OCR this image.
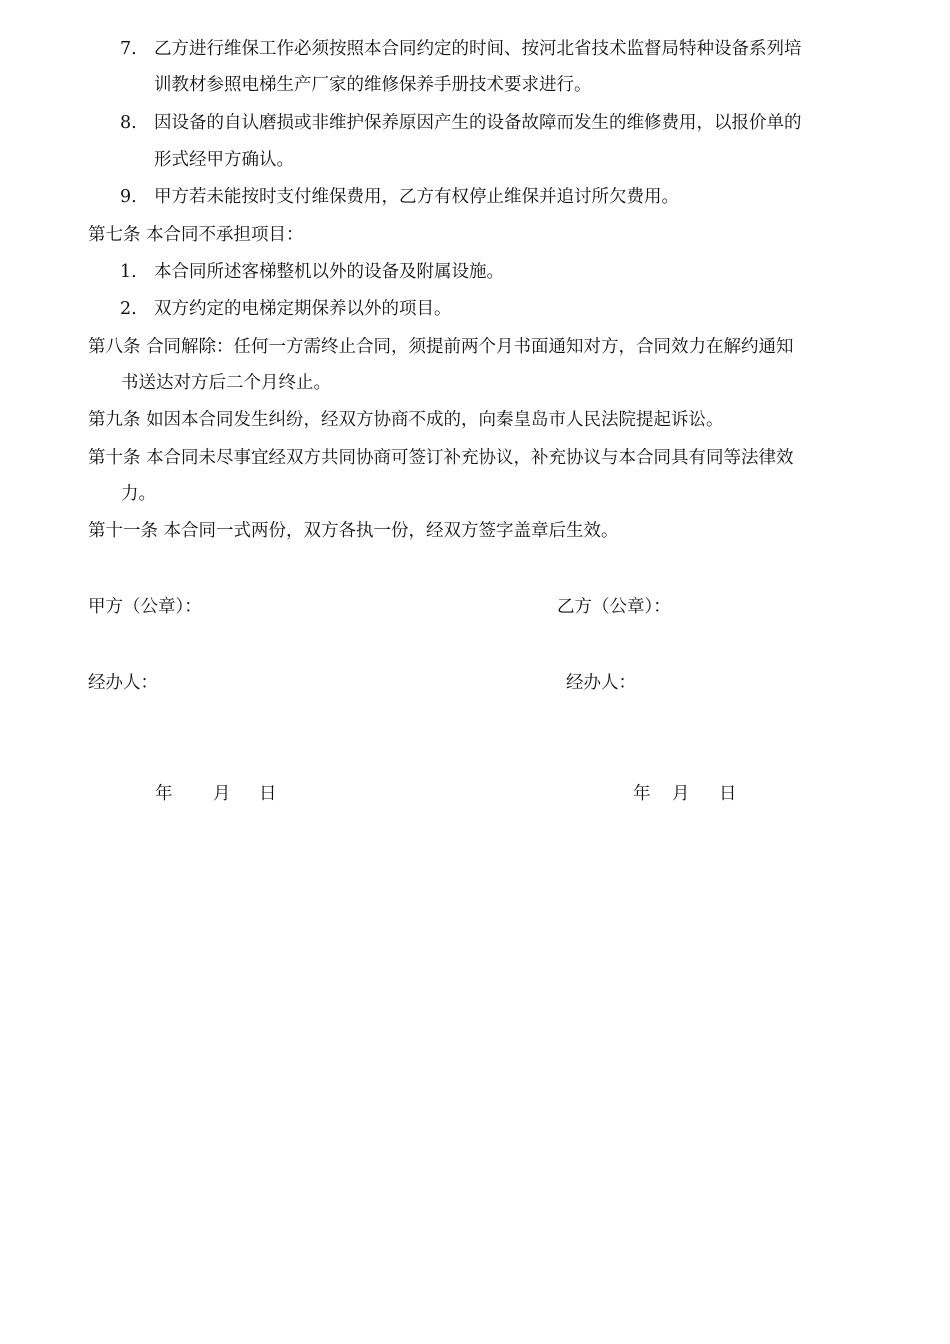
7. 乙方进行维保工作必须按照本合同约定的时间、按河北省技术监督局特种设备系列培
训教材参照电梯生产厂家的维修保养手册技术要求进行。
8. 因设备的自认磨损或非维护保养原因产生的设备故障而发生的维修费用，以报价单的
形式经甲方确认。
9. 甲方若未能按时支付维保费用，乙方有权停止维保并追讨所欠费用。
第七条 本合同不承担项目：
1. 本合同所述客梯整机以外的设备及附属设施。
2. 双方约定的电梯定期保养以外的项目。
第八条 合同解除：任何一方需终止合同，须提前两个月书面通知对方，合同效力在解约通知
书送达对方后二个月终止。
第九条 如因本合同发生纠纷，经双方协商不成的，向秦皇岛市人民法院提起诉讼。
第十条 本合同未尽事宜经双方共同协商可签订补充协议，补充协议与本合同具有同等法律效
力。
第十一条 本合同一式两份，双方各执一份，经双方签字盖章后生效。
甲方（公章）：	乙方（公章）：
经办人：	经办人：
年 月 日	年 月 日
